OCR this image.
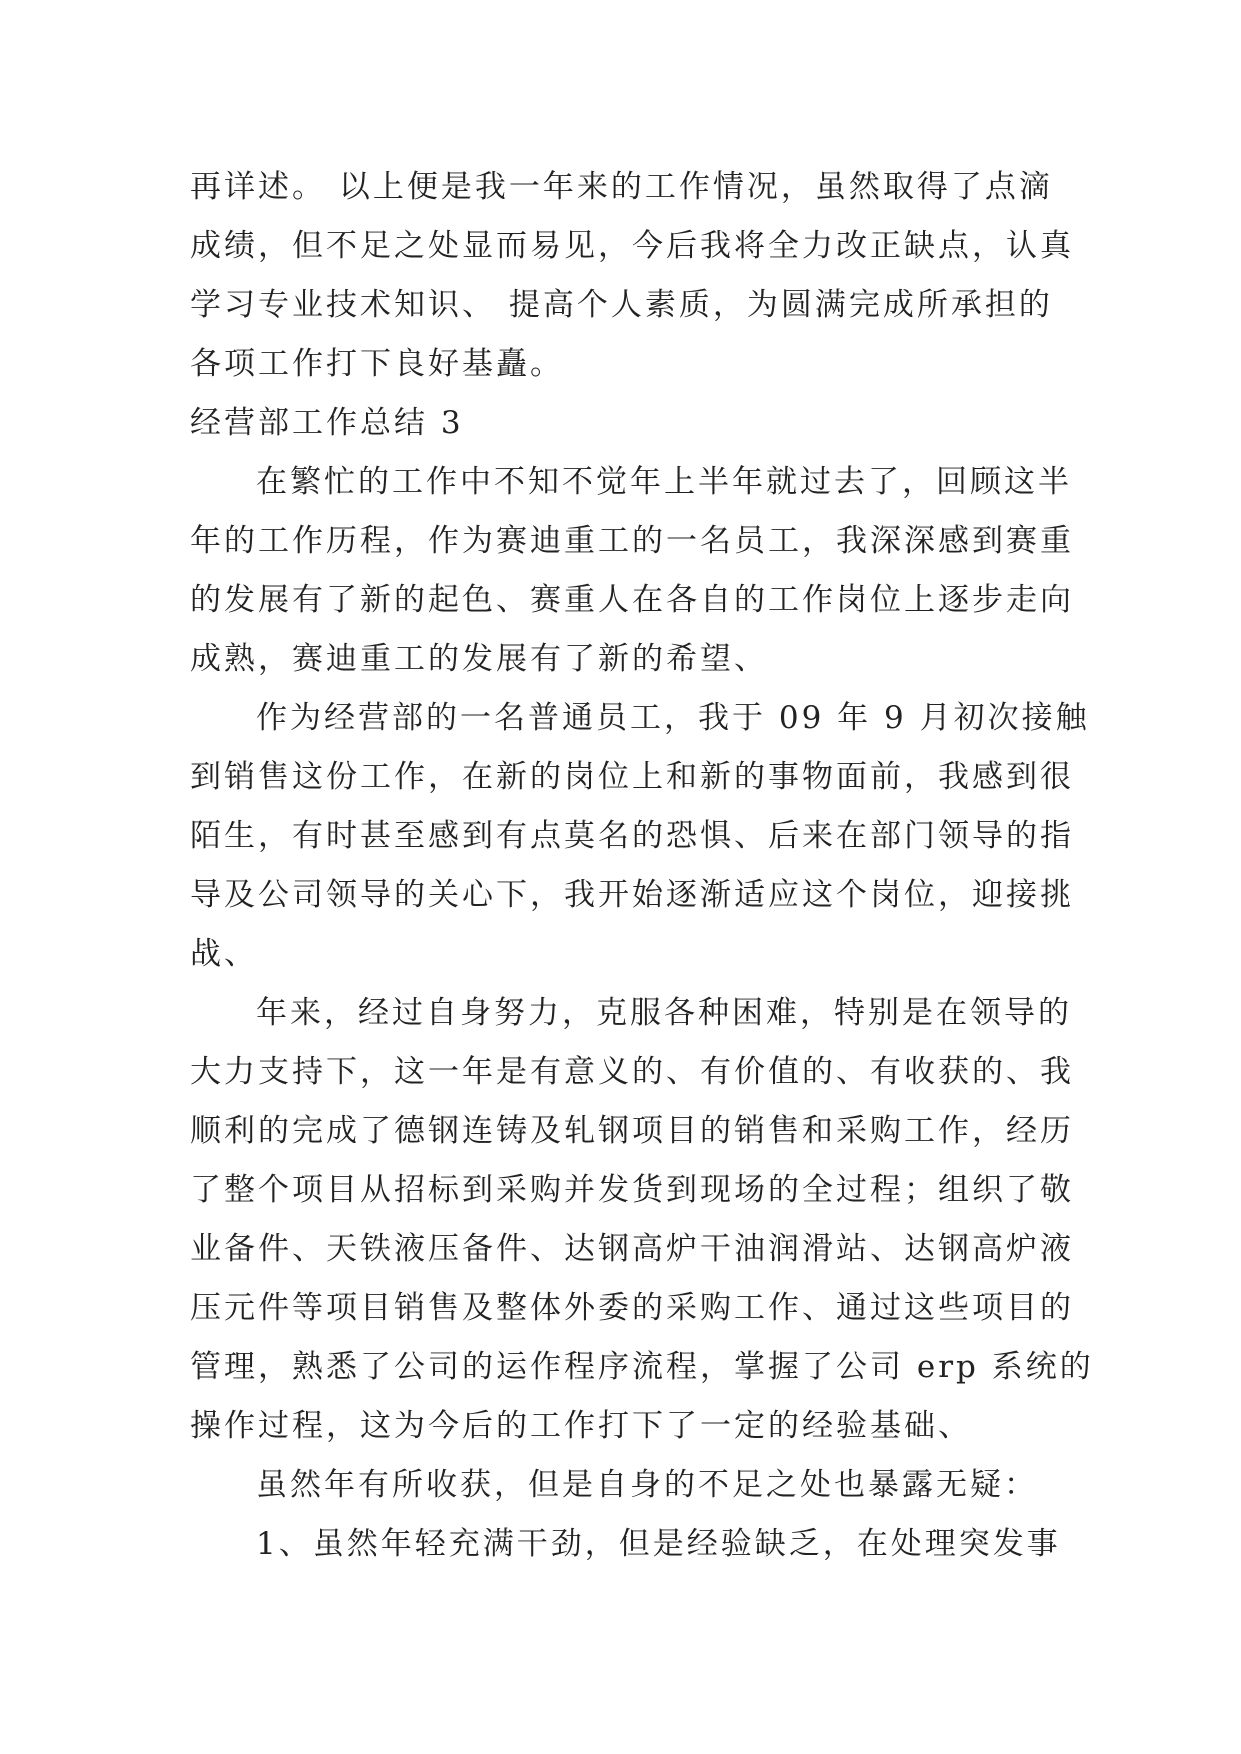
再详述。 以上便是我一年来的工作情况，虽然取得了点滴
成绩，但不足之处显而易见，今后我将全力改正缺点，认真
学习专业技术知识、 提高个人素质，为圆满完成所承担的
各项工作打下良好基矗。
经营部工作总结 3
在繁忙的工作中不知不觉年上半年就过去了，回顾这半
年的工作历程，作为赛迪重工的一名员工，我深深感到赛重
的发展有了新的起色、赛重人在各自的工作岗位上逐步走向
成熟，赛迪重工的发展有了新的希望、
作为经营部的一名普通员工，我于 09 年 9 月初次接触
到销售这份工作，在新的岗位上和新的事物面前，我感到很
陌生，有时甚至感到有点莫名的恐惧、后来在部门领导的指
导及公司领导的关心下，我开始逐渐适应这个岗位，迎接挑
战、
年来，经过自身努力，克服各种困难，特别是在领导的
大力支持下，这一年是有意义的、有价值的、有收获的、我
顺利的完成了德钢连铸及轧钢项目的销售和采购工作，经历
了整个项目从招标到采购并发货到现场的全过程；组织了敬
业备件、天铁液压备件、达钢高炉干油润滑站、达钢高炉液
压元件等项目销售及整体外委的采购工作、通过这些项目的
管理，熟悉了公司的运作程序流程，掌握了公司 erp 系统的
操作过程，这为今后的工作打下了一定的经验基础、
虽然年有所收获，但是自身的不足之处也暴露无疑：
1、虽然年轻充满干劲，但是经验缺乏，在处理突发事
